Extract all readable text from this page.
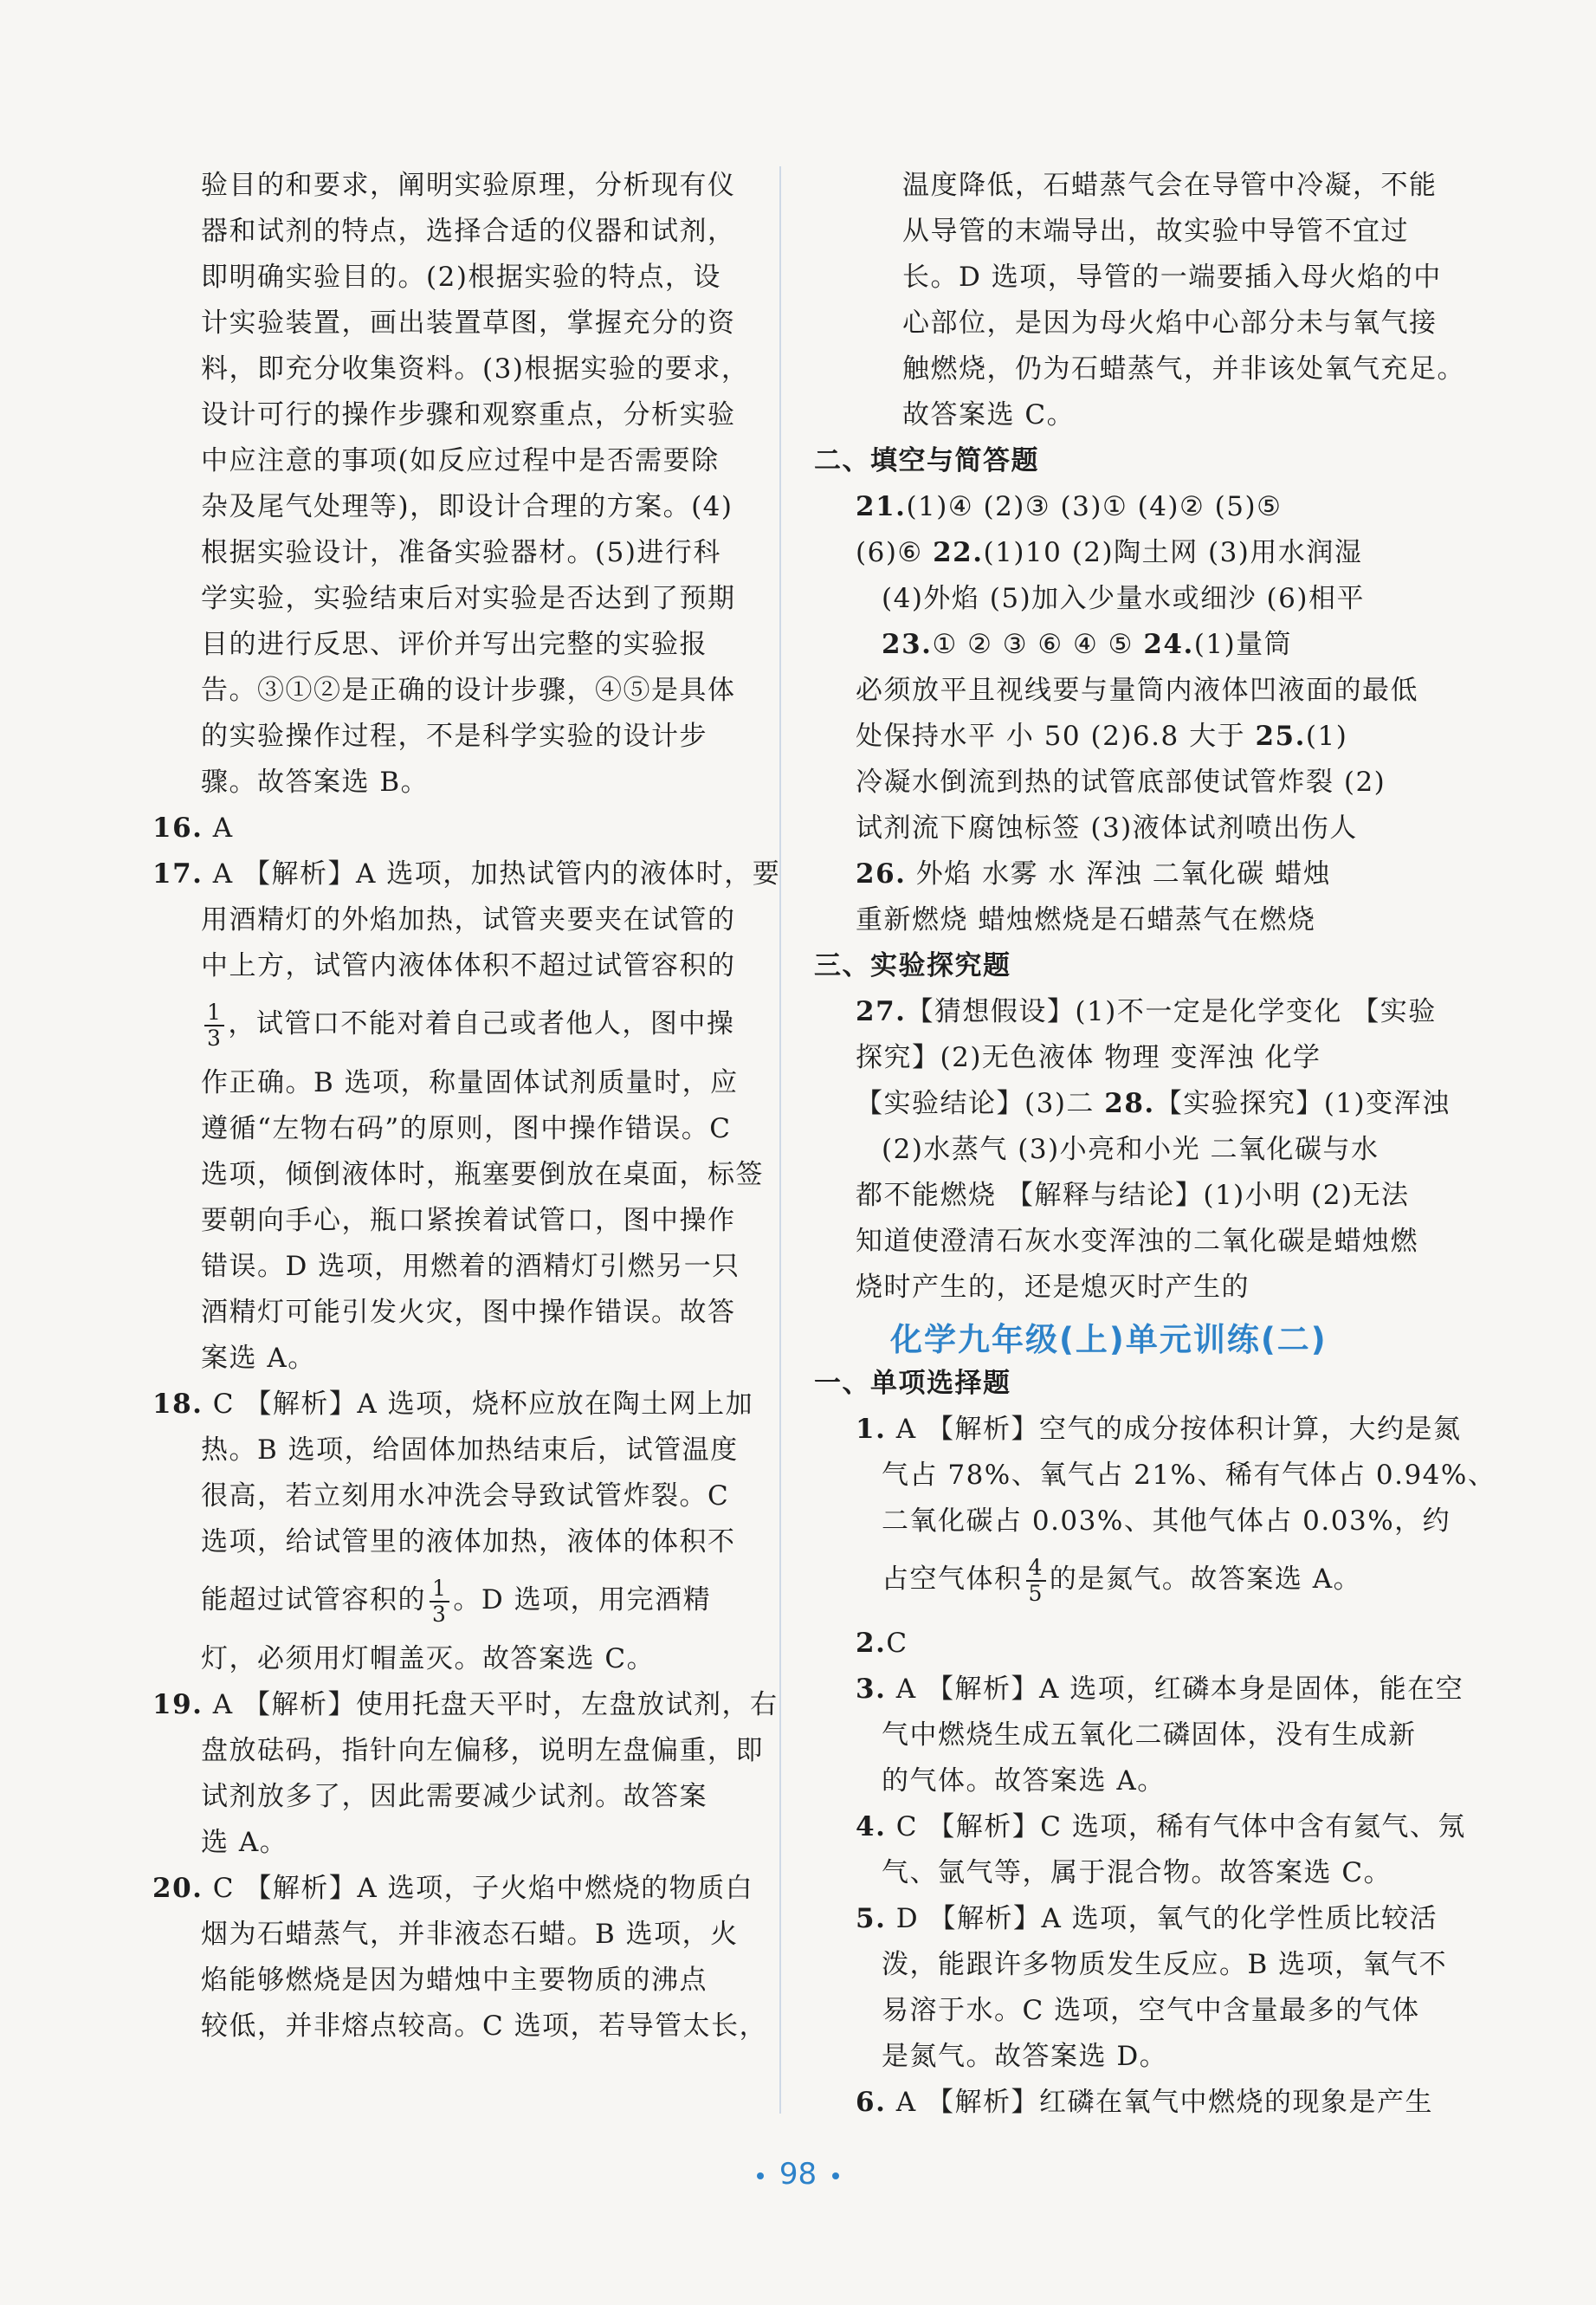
验目的和要求，阐明实验原理，分析现有仪
器和试剂的特点，选择合适的仪器和试剂，
即明确实验目的。(2)根据实验的特点，设
计实验装置，画出装置草图，掌握充分的资
料，即充分收集资料。(3)根据实验的要求，
设计可行的操作步骤和观察重点，分析实验
中应注意的事项(如反应过程中是否需要除
杂及尾气处理等)，即设计合理的方案。(4)
根据实验设计，准备实验器材。(5)进行科
学实验，实验结束后对实验是否达到了预期
目的进行反思、评价并写出完整的实验报
告。③①②是正确的设计步骤，④⑤是具体
的实验操作过程，不是科学实验的设计步
骤。故答案选 B。
16. A
17. A 【解析】A 选项，加热试管内的液体时，要
用酒精灯的外焰加热，试管夹要夹在试管的
中上方，试管内液体体积不超过试管容积的
$\frac{1}{3}$ ，试管口不能对着自己或者他人，图中操
作正确。B 选项，称量固体试剂质量时，应
遵循“左物右码”的原则，图中操作错误。C
选项，倾倒液体时，瓶塞要倒放在桌面，标签
要朝向手心，瓶口紧挨着试管口，图中操作
错误。D 选项，用燃着的酒精灯引燃另一只
酒精灯可能引发火灾，图中操作错误。故答
案选 A。
18. C 【解析】A 选项，烧杯应放在陶土网上加
热。B 选项，给固体加热结束后，试管温度
很高，若立刻用水冲洗会导致试管炸裂。C
选项，给试管里的液体加热，液体的体积不
能超过试管容积的 $\frac{1}{3}$ 。D 选项，用完酒精
灯，必须用灯帽盖灭。故答案选 C。
19. A 【解析】使用托盘天平时，左盘放试剂，右
盘放砝码，指针向左偏移，说明左盘偏重，即
试剂放多了，因此需要减少试剂。故答案
选 A。
20. C 【解析】A 选项，子火焰中燃烧的物质白
烟为石蜡蒸气，并非液态石蜡。B 选项，火
焰能够燃烧是因为蜡烛中主要物质的沸点
较低，并非熔点较高。C 选项，若导管太长，
温度降低，石蜡蒸气会在导管中冷凝，不能
从导管的末端导出，故实验中导管不宜过
长。D 选项，导管的一端要插入母火焰的中
心部位，是因为母火焰中心部分未与氧气接
触燃烧，仍为石蜡蒸气，并非该处氧气充足。
故答案选 C。
二、填空与简答题
21.(1)④ (2)③ (3)① (4)② (5)⑤
(6)⑥ 22.(1)10 (2)陶土网 (3)用水润湿
(4)外焰 (5)加入少量水或细沙 (6)相平
23.① ② ③ ⑥ ④ ⑤ 24.(1)量筒
必须放平且视线要与量筒内液体凹液面的最低
处保持水平 小 50 (2)6.8 大于 25.(1)
冷凝水倒流到热的试管底部使试管炸裂 (2)
试剂流下腐蚀标签 (3)液体试剂喷出伤人
26. 外焰 水雾 水 浑浊 二氧化碳 蜡烛
重新燃烧 蜡烛燃烧是石蜡蒸气在燃烧
三、实验探究题
27.【猜想假设】(1)不一定是化学变化 【实验
探究】(2)无色液体 物理 变浑浊 化学
【实验结论】(3)二 28.【实验探究】(1)变浑浊
(2)水蒸气 (3)小亮和小光 二氧化碳与水
都不能燃烧 【解释与结论】(1)小明 (2)无法
知道使澄清石灰水变浑浊的二氧化碳是蜡烛燃
烧时产生的，还是熄灭时产生的
化学九年级(上)单元训练(二)
一、单项选择题
1. A 【解析】空气的成分按体积计算，大约是氮
气占 78%、氧气占 21%、稀有气体占 0.94%、
二氧化碳占 0.03%、其他气体占 0.03%，约
占空气体积 $\frac{4}{5}$ 的是氮气。故答案选 A。
2.C
3. A 【解析】A 选项，红磷本身是固体，能在空
气中燃烧生成五氧化二磷固体，没有生成新
的气体。故答案选 A。
4. C 【解析】C 选项，稀有气体中含有氦气、氖
气、氩气等，属于混合物。故答案选 C。
5. D 【解析】A 选项，氧气的化学性质比较活
泼，能跟许多物质发生反应。B 选项，氧气不
易溶于水。C 选项，空气中含量最多的气体
是氮气。故答案选 D。
6. A 【解析】红磷在氧气中燃烧的现象是产生
98
